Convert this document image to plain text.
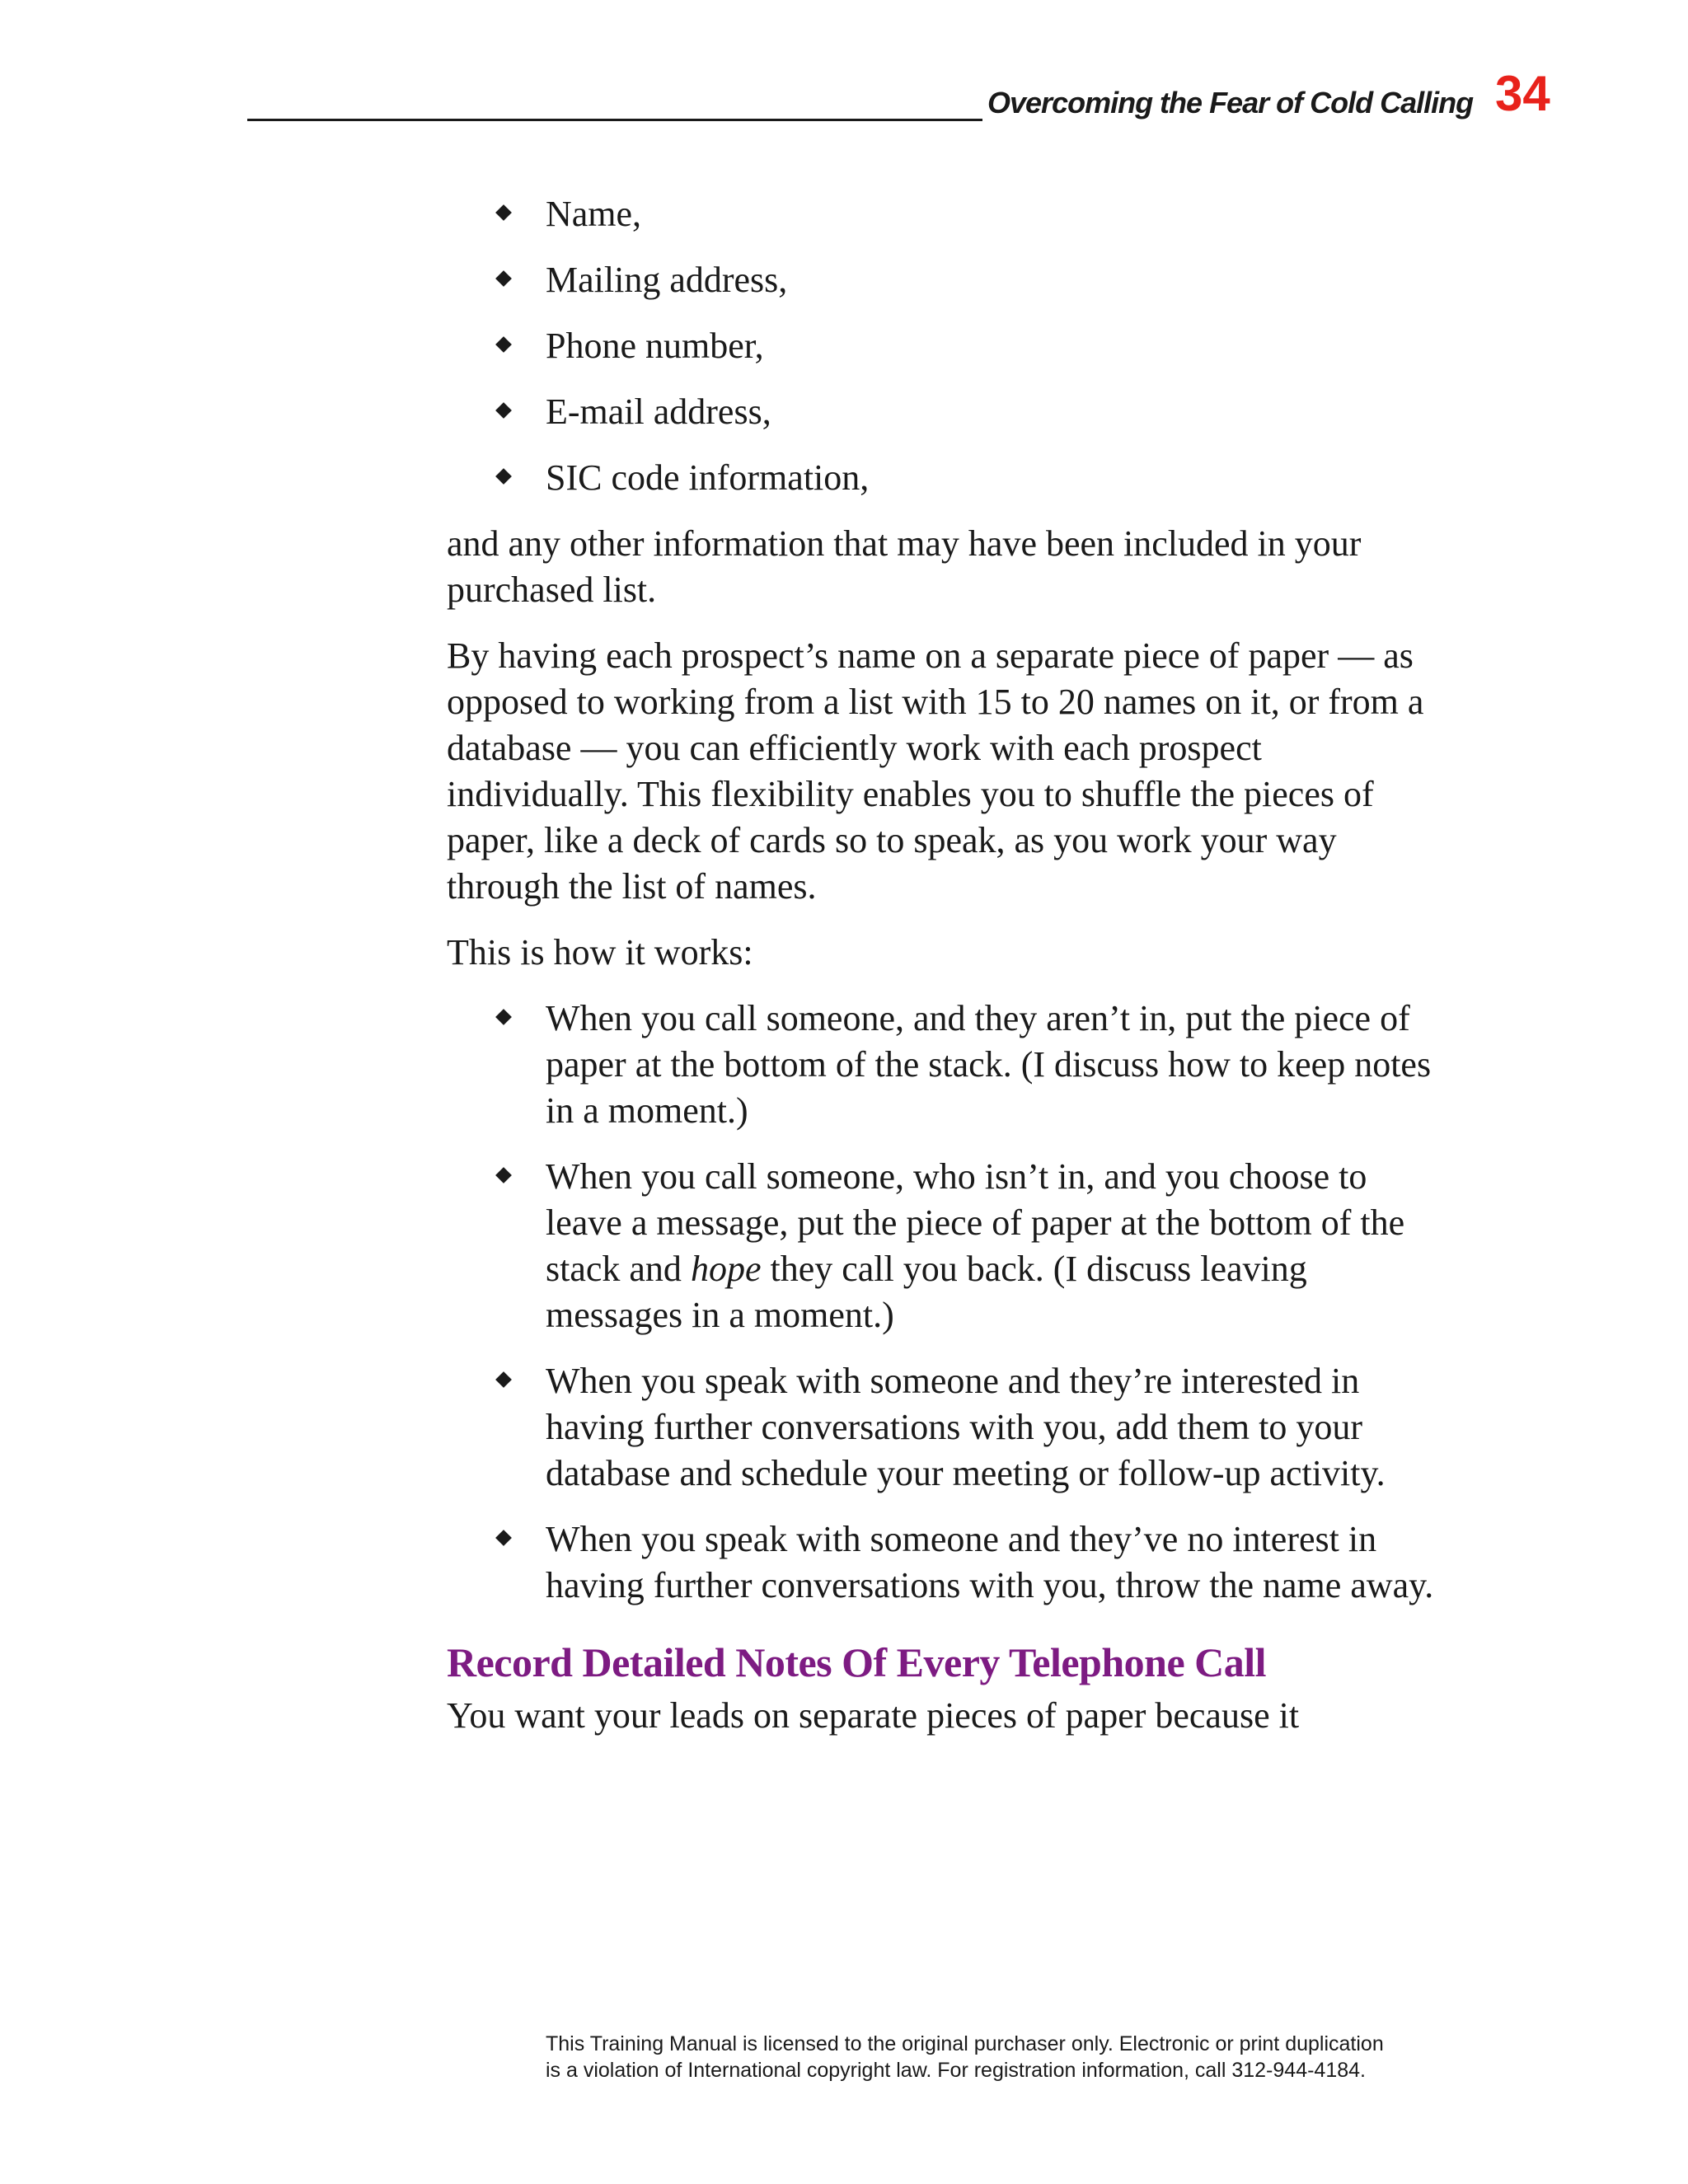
Overcoming the Fear of Cold Calling 34
Name,
Mailing address,
Phone number,
E-mail address,
SIC code information,

and any other information that may have been included in your purchased list.

By having each prospect’s name on a separate piece of paper — as opposed to working from a list with 15 to 20 names on it, or from a database — you can efficiently work with each prospect individually. This flexibility enables you to shuffle the pieces of paper, like a deck of cards so to speak, as you work your way through the list of names.

This is how it works:

When you call someone, and they aren’t in, put the piece of paper at the bottom of the stack. (I discuss how to keep notes in a moment.)
When you call someone, who isn’t in, and you choose to leave a message, put the piece of paper at the bottom of the stack and hope they call you back. (I discuss leaving messages in a moment.)
When you speak with someone and they’re interested in having further conversations with you, add them to your database and schedule your meeting or follow-up activity.
When you speak with someone and they’ve no interest in having further conversations with you, throw the name away.
Record Detailed Notes Of Every Telephone Call

You want your leads on separate pieces of paper because it

This Training Manual is licensed to the original purchaser only. Electronic or print duplication
is a violation of International copyright law. For registration information, call 312-944-4184.
